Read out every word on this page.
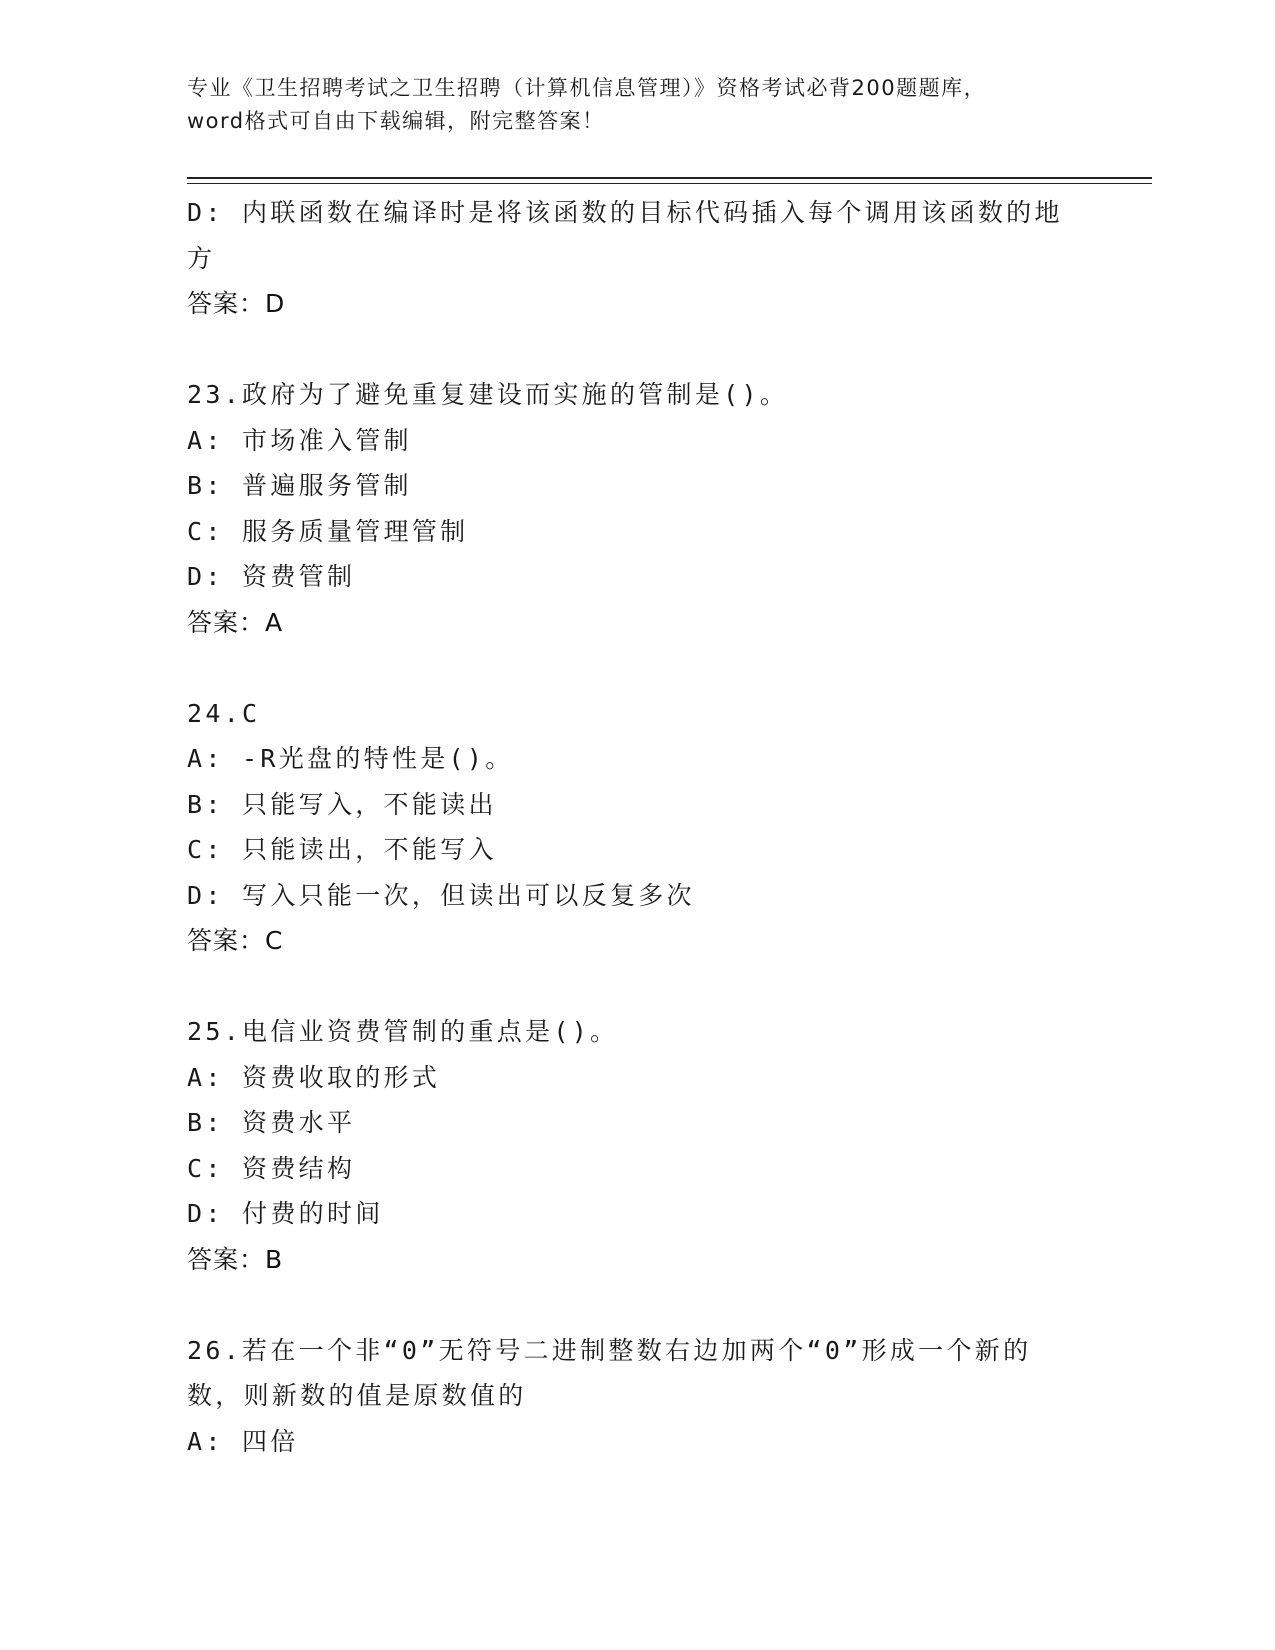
专业《卫生招聘考试之卫生招聘（计算机信息管理）》资格考试必背200题题库，
word格式可自由下载编辑，附完整答案！
D: 内联函数在编译时是将该函数的目标代码插入每个调用该函数的地
方
答案：D
23.政府为了避免重复建设而实施的管制是()。
A: 市场准入管制
B: 普遍服务管制
C: 服务质量管理管制
D: 资费管制
答案：A
24.C
A: -R光盘的特性是()。
B: 只能写入，不能读出
C: 只能读出，不能写入
D: 写入只能一次，但读出可以反复多次
答案：C
25.电信业资费管制的重点是()。
A: 资费收取的形式
B: 资费水平
C: 资费结构
D: 付费的时间
答案：B
26.若在一个非“0”无符号二进制整数右边加两个“0”形成一个新的
数，则新数的值是原数值的
A: 四倍
